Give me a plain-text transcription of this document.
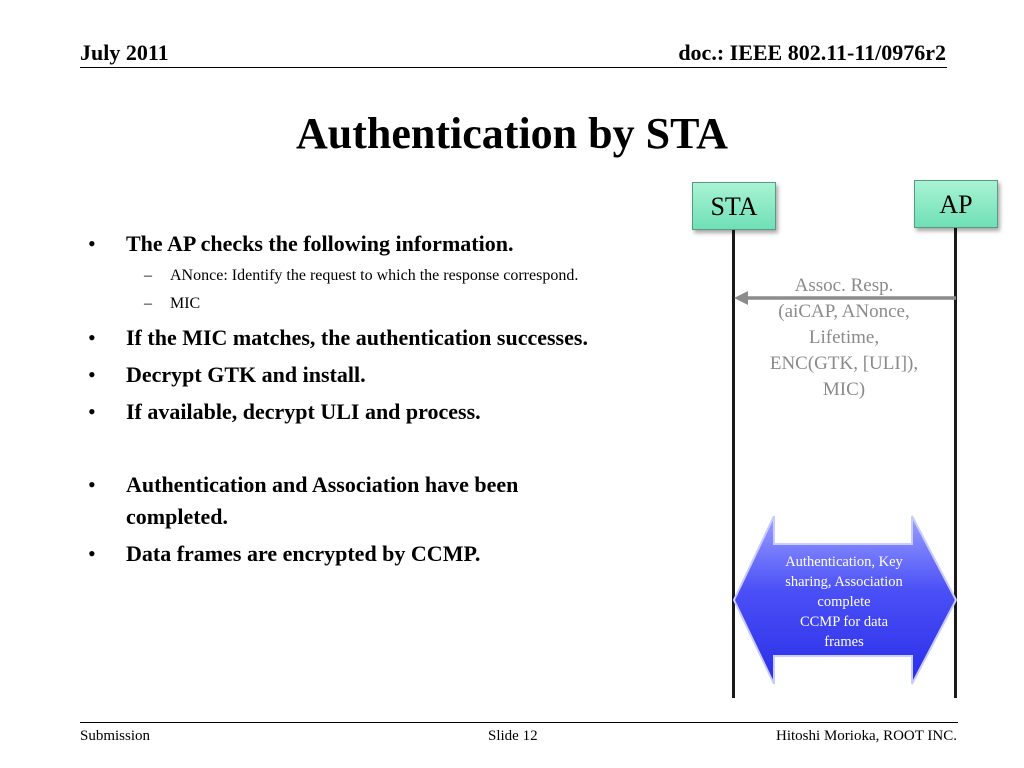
July 2011	doc.: IEEE 802.11-11/0976r2
Authentication by STA
• The AP checks the following information.
– ANonce: Identify the request to which the response correspond.
– MIC
• If the MIC matches, the authentication successes.
• Decrypt GTK and install.
• If available, decrypt ULI and process.
• Authentication and Association have been completed.
• Data frames are encrypted by CCMP.
STA	AP
Assoc. Resp.
(aiCAP, ANonce,
Lifetime,
ENC(GTK, [ULI]),
MIC)
Authentication, Key
sharing, Association
complete
CCMP for data
frames
Submission	Slide 12	Hitoshi Morioka, ROOT INC.
